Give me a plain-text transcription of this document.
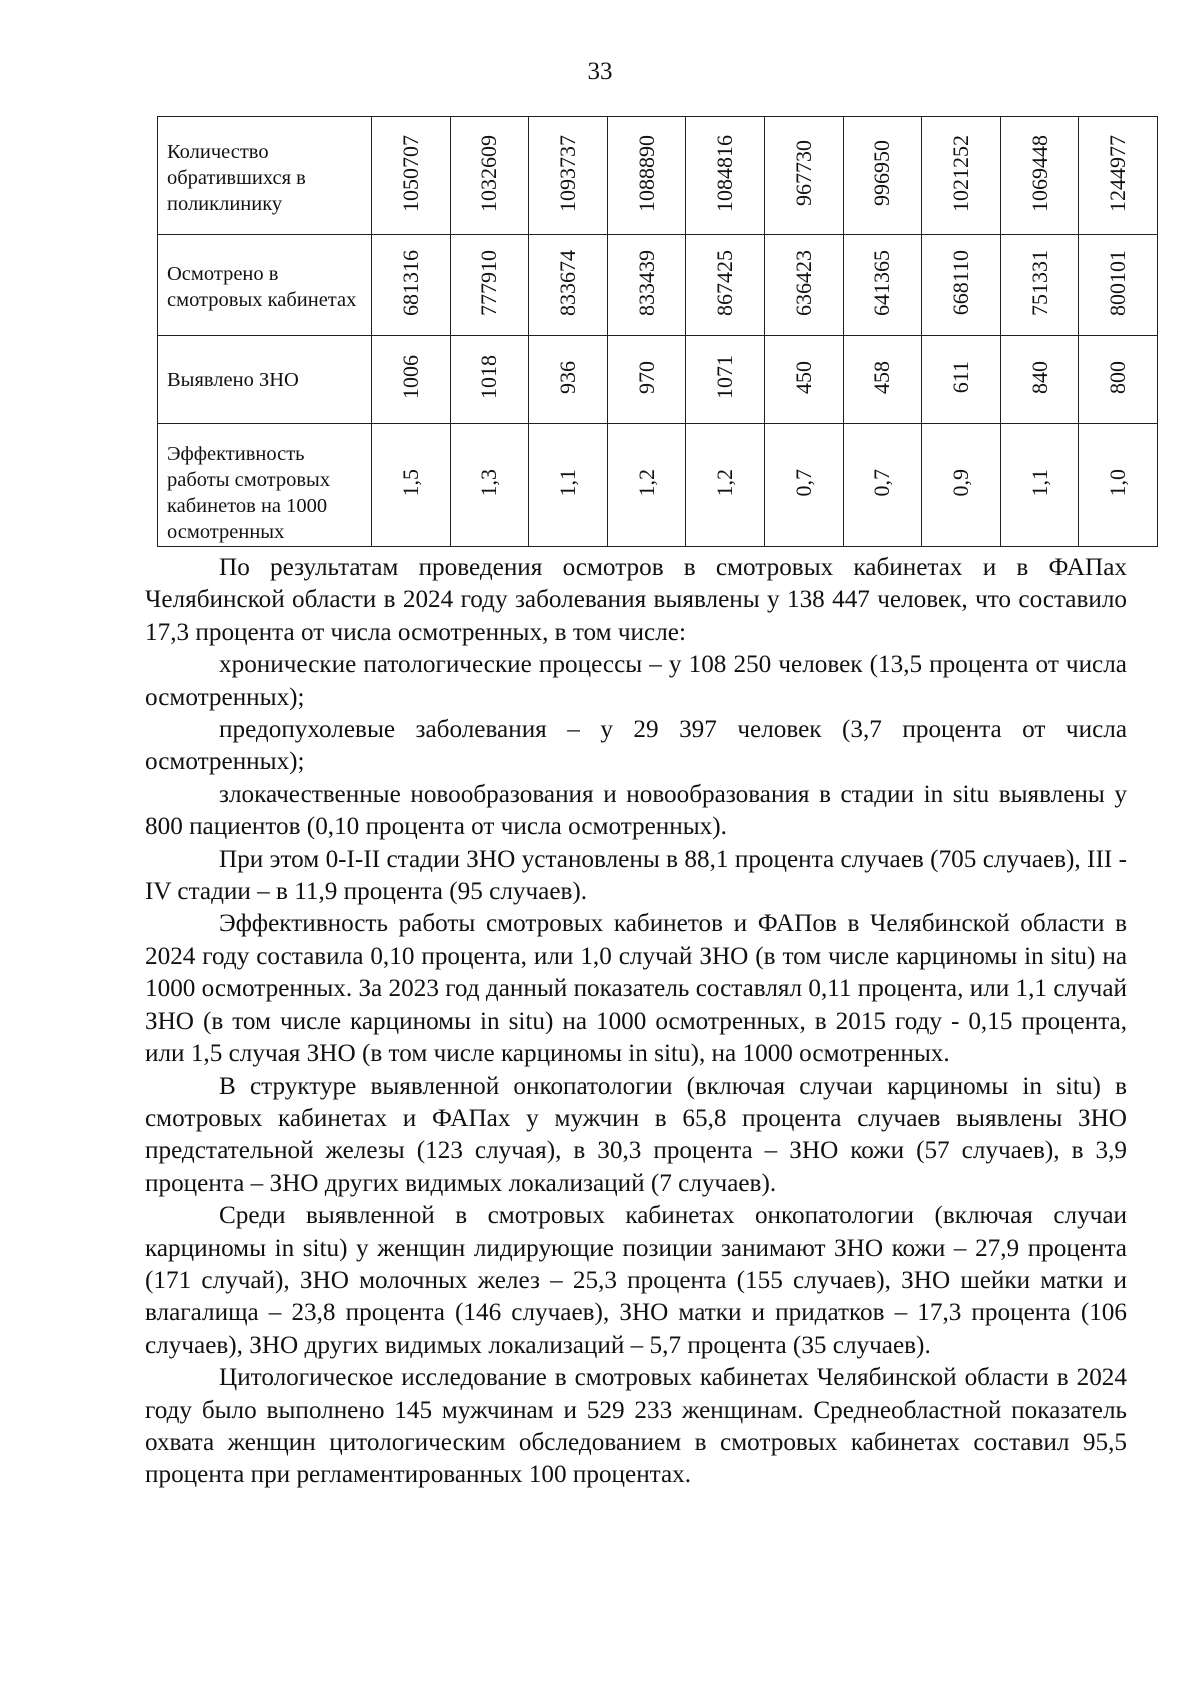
33
Количество обратившихся в поликлинику	1050707	1032609	1093737	1088890	1084816	967730	996950	1021252	1069448	1244977
Осмотрено в смотровых кабинетах	681316	777910	833674	833439	867425	636423	641365	668110	751331	800101
Выявлено ЗНО	1006	1018	936	970	1071	450	458	611	840	800
Эффективность работы смотровых кабинетов на 1000 осмотренных	1,5	1,3	1,1	1,2	1,2	0,7	0,7	0,9	1,1	1,0

По результатам проведения осмотров в смотровых кабинетах и в ФАПах Челябинской области в 2024 году заболевания выявлены у 138 447 человек, что составило 17,3 процента от числа осмотренных, в том числе:

хронические патологические процессы – у 108 250 человек (13,5 процента от числа осмотренных);

предопухолевые заболевания – у 29 397 человек (3,7 процента от числа осмотренных);

злокачественные новообразования и новообразования в стадии in situ выявлены у 800 пациентов (0,10 процента от числа осмотренных).

При этом 0-I-II стадии ЗНО установлены в 88,1 процента случаев (705 случаев), III - IV стадии – в 11,9 процента (95 случаев).

Эффективность работы смотровых кабинетов и ФАПов в Челябинской области в 2024 году составила 0,10 процента, или 1,0 случай ЗНО (в том числе карциномы in situ) на 1000 осмотренных. За 2023 год данный показатель составлял 0,11 процента, или 1,1 случай ЗНО (в том числе карциномы in situ) на 1000 осмотренных, в 2015 году - 0,15 процента, или 1,5 случая ЗНО (в том числе карциномы in situ), на 1000 осмотренных.

В структуре выявленной онкопатологии (включая случаи карциномы in situ) в смотровых кабинетах и ФАПах у мужчин в 65,8 процента случаев выявлены ЗНО предстательной железы (123 случая), в 30,3 процента – ЗНО кожи (57 случаев), в 3,9 процента – ЗНО других видимых локализаций (7 случаев).

Среди выявленной в смотровых кабинетах онкопатологии (включая случаи карциномы in situ) у женщин лидирующие позиции занимают ЗНО кожи – 27,9 процента (171 случай), ЗНО молочных желез – 25,3 процента (155 случаев), ЗНО шейки матки и влагалища – 23,8 процента (146 случаев), ЗНО матки и придатков – 17,3 процента (106 случаев), ЗНО других видимых локализаций – 5,7 процента (35 случаев).

Цитологическое исследование в смотровых кабинетах Челябинской области в 2024 году было выполнено 145 мужчинам и 529 233 женщинам. Среднеобластной показатель охвата женщин цитологическим обследованием в смотровых кабинетах составил 95,5 процента при регламентированных 100 процентах.
